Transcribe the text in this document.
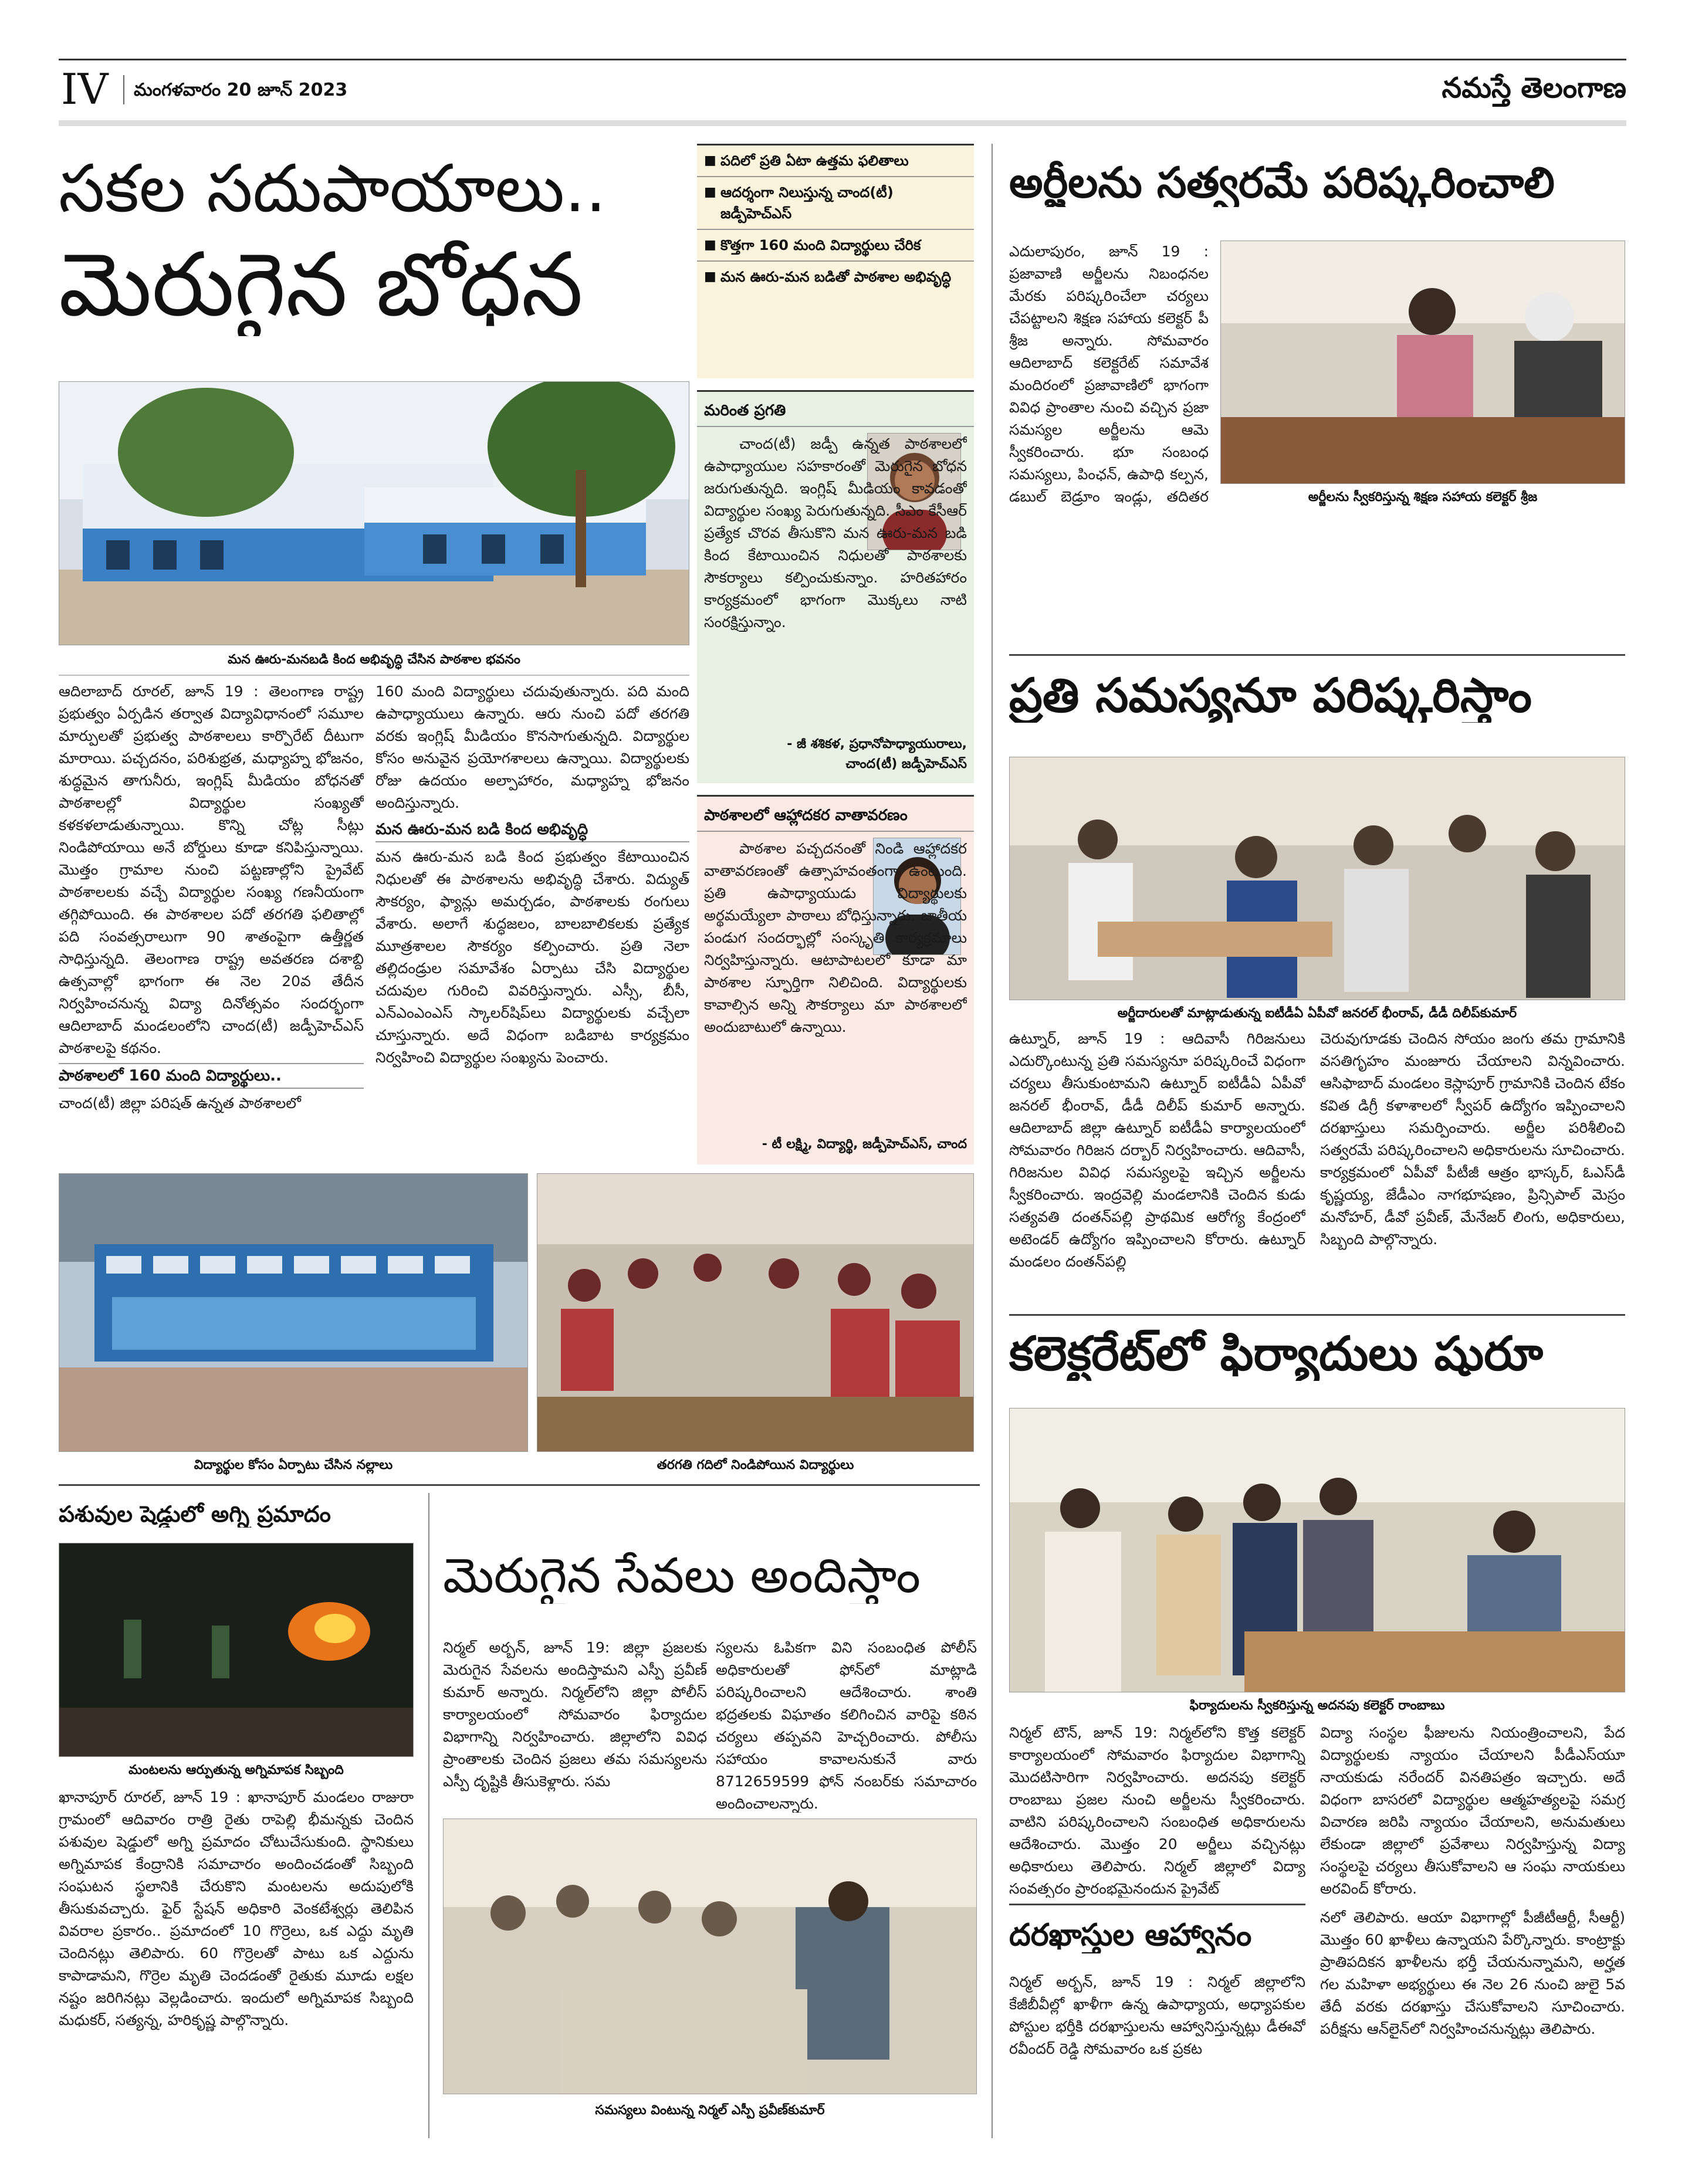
IV మంగళవారం 20 జూన్ 2023	నమస్తే తెలంగాణ
సకల సదుపాయాలు..
మెరుగైన బోధన
■ పదిలో ప్రతి ఏటా ఉత్తమ ఫలితాలు
■ ఆదర్శంగా నిలుస్తున్న చాంద(టీ) జడ్పీహెచ్ఎస్
■ కొత్తగా 160 మంది విద్యార్థులు చేరిక
■ మన ఊరు-మన బడితో పాఠశాల అభివృద్ధి
మన ఊరు-మనబడి కింద అభివృద్ధి చేసిన పాఠశాల భవనం
ఆదిలాబాద్ రూరల్, జూన్ 19 : తెలంగాణ రాష్ట్ర ప్రభుత్వం ఏర్పడిన తర్వాత విద్యావిధానంలో సమూల మార్పులతో ప్రభుత్వ పాఠశాలలు కార్పొరేట్ దీటుగా మారాయి. పచ్చదనం, పరిశుభ్రత, మధ్యాహ్న భోజనం, శుద్ధమైన తాగునీరు, ఇంగ్లిష్ మీడియం బోధనతో పాఠశాలల్లో విద్యార్థుల సంఖ్యతో కళకళలాడుతున్నాయి. కొన్ని చోట్ల సీట్లు నిండిపోయాయి అనే బోర్డులు కూడా కనిపిస్తున్నాయి. మొత్తం గ్రామాల నుంచి పట్టణాల్లోని ప్రైవేట్ పాఠశాలలకు వచ్చే విద్యార్థుల సంఖ్య గణనీయంగా తగ్గిపోయింది. ఈ పాఠశాలల పదో తరగతి ఫలితాల్లో పది సంవత్సరాలుగా 90 శాతంపైగా ఉత్తీర్ణత సాధిస్తున్నది. తెలంగాణ రాష్ట్ర అవతరణ దశాబ్ది ఉత్సవాల్లో భాగంగా ఈ నెల 20వ తేదీన నిర్వహించనున్న విద్యా దినోత్సవం సందర్భంగా ఆదిలాబాద్ మండలంలోని చాంద(టీ) జడ్పీహెచ్ఎస్ పాఠశాలపై కథనం.
పాఠశాలలో 160 మంది విద్యార్థులు..
చాంద(టీ) జిల్లా పరిషత్ ఉన్నత పాఠశాలలో
160 మంది విద్యార్థులు చదువుతున్నారు. పది మంది ఉపాధ్యాయులు ఉన్నారు. ఆరు నుంచి పదో తరగతి వరకు ఇంగ్లిష్ మీడియం కొనసాగుతున్నది. విద్యార్థుల కోసం అనువైన ప్రయోగశాలలు ఉన్నాయి. విద్యార్థులకు రోజు ఉదయం అల్పాహారం, మధ్యాహ్న భోజనం అందిస్తున్నారు.
మన ఊరు-మన బడి కింద అభివృద్ధి
మన ఊరు-మన బడి కింద ప్రభుత్వం కేటాయించిన నిధులతో ఈ పాఠశాలను అభివృద్ధి చేశారు. విద్యుత్ సౌకర్యం, ఫ్యాన్లు అమర్చడం, పాఠశాలకు రంగులు వేశారు. అలాగే శుద్ధజలం, బాలబాలికలకు ప్రత్యేక మూత్రశాలల సౌకర్యం కల్పించారు. ప్రతి నెలా తల్లిదండ్రుల సమావేశం ఏర్పాటు చేసి విద్యార్థుల చదువుల గురించి వివరిస్తున్నారు. ఎస్సీ, బీసీ, ఎన్ఎంఎంఎస్ స్కాలర్‌షిప్‌లు విద్యార్థులకు వచ్చేలా చూస్తున్నారు. అదే విధంగా బడిబాట కార్యక్రమం నిర్వహించి విద్యార్థుల సంఖ్యను పెంచారు.
మరింత ప్రగతి
చాంద(టీ) జడ్పీ ఉన్నత పాఠశాలలో ఉపాధ్యాయుల సహకారంతో మెరుగైన బోధన జరుగుతున్నది. ఇంగ్లిష్ మీడియం కావడంతో విద్యార్థుల సంఖ్య పెరుగుతున్నది. సీఎం కేసీఆర్ ప్రత్యేక చొరవ తీసుకొని మన ఊరు-మన బడి కింద కేటాయించిన నిధులతో పాఠశాలకు సౌకర్యాలు కల్పించుకున్నాం. హరితహారం కార్యక్రమంలో భాగంగా మొక్కలు నాటి సంరక్షిస్తున్నాం.
- జీ శశికళ, ప్రధానోపాధ్యాయురాలు,
చాంద(టీ) జడ్పీహెచ్ఎస్
పాఠశాలలో ఆహ్లాదకర వాతావరణం
పాఠశాల పచ్చదనంతో నిండి ఆహ్లాదకర వాతావరణంతో ఉత్సాహవంతంగా ఉంటుంది. ప్రతి ఉపాధ్యాయుడు విద్యార్థులకు అర్థమయ్యేలా పాఠాలు బోధిస్తున్నారు. జాతీయ పండుగ సందర్భాల్లో సంస్కృతి కార్యక్రమాలు నిర్వహిస్తున్నారు. ఆటాపాటలలో కూడా మా పాఠశాల స్ఫూర్తిగా నిలిచింది. విద్యార్థులకు కావాల్సిన అన్ని సౌకర్యాలు మా పాఠశాలలో అందుబాటులో ఉన్నాయి.
- టీ లక్ష్మి, విద్యార్థి, జడ్పీహెచ్ఎస్, చాంద
విద్యార్థుల కోసం ఏర్పాటు చేసిన నల్లాలు	తరగతి గదిలో నిండిపోయిన విద్యార్థులు
పశువుల షెడ్డులో అగ్ని ప్రమాదం
మంటలను ఆర్పుతున్న అగ్నిమాపక సిబ్బంది
ఖానాపూర్ రూరల్, జూన్ 19 : ఖానాపూర్ మండలం రాజురా గ్రామంలో ఆదివారం రాత్రి రైతు రాపెల్లి భీమన్నకు చెందిన పశువుల షెడ్డులో అగ్ని ప్రమాదం చోటుచేసుకుంది. స్థానికులు అగ్నిమాపక కేంద్రానికి సమాచారం అందించడంతో సిబ్బంది సంఘటన స్థలానికి చేరుకొని మంటలను అదుపులోకి తీసుకువచ్చారు. ఫైర్ స్టేషన్ అధికారి వెంకటేశ్వర్లు తెలిపిన వివరాల ప్రకారం.. ప్రమాదంలో 10 గొర్రెలు, ఒక ఎద్దు మృతి చెందినట్లు తెలిపారు. 60 గొర్రెలతో పాటు ఒక ఎద్దును కాపాడామని, గొర్రెల మృతి చెందడంతో రైతుకు మూడు లక్షల నష్టం జరిగినట్లు వెల్లడించారు. ఇందులో అగ్నిమాపక సిబ్బంది మధుకర్, సత్యన్న, హరికృష్ణ పాల్గొన్నారు.
మెరుగైన సేవలు అందిస్తాం
నిర్మల్ అర్బన్, జూన్ 19: జిల్లా ప్రజలకు మెరుగైన సేవలను అందిస్తామని ఎస్పీ ప్రవీణ్ కుమార్ అన్నారు. నిర్మల్‌లోని జిల్లా పోలీస్ కార్యాలయంలో సోమవారం ఫిర్యాదుల విభాగాన్ని నిర్వహించారు. జిల్లాలోని వివిధ ప్రాంతాలకు చెందిన ప్రజలు తమ సమస్యలను ఎస్పీ దృష్టికి తీసుకెళ్లారు. సమ
స్యలను ఓపికగా విని సంబంధిత పోలీస్ అధికారులతో ఫోన్‌లో మాట్లాడి పరిష్కరించాలని ఆదేశించారు. శాంతి భద్రతలకు విఘాతం కలిగించిన వారిపై కఠిన చర్యలు తప్పవని హెచ్చరించారు. పోలీసు సహాయం కావాలనుకునే వారు 8712659599 ఫోన్ నంబర్‌కు సమాచారం అందించాలన్నారు.
సమస్యలు వింటున్న నిర్మల్ ఎస్పీ ప్రవీణ్‌కుమార్
అర్జీలను సత్వరమే పరిష్కరించాలి
అర్జీలను స్వీకరిస్తున్న శిక్షణ సహాయ కలెక్టర్ శ్రీజ
ఎదులాపురం, జూన్ 19 : ప్రజావాణి అర్జీలను నిబంధనల మేరకు పరిష్కరించేలా చర్యలు చేపట్టాలని శిక్షణ సహాయ కలెక్టర్ పీ శ్రీజ అన్నారు. సోమవారం ఆదిలాబాద్ కలెక్టరేట్ సమావేశ మందిరంలో ప్రజావాణిలో భాగంగా వివిధ ప్రాంతాల నుంచి వచ్చిన ప్రజా సమస్యల అర్జీలను ఆమె స్వీకరించారు. భూ సంబంధ సమస్యలు, పింఛన్, ఉపాధి కల్పన, డబుల్ బెడ్రూం ఇండ్లు, తదితర
ప్రతి సమస్యనూ పరిష్కరిస్తాం
అర్జీదారులతో మాట్లాడుతున్న ఐటీడీఏ ఏపీవో జనరల్ భీంరావ్, డీడీ దిలీప్‌కుమార్
ఉట్నూర్, జూన్ 19 : ఆదివాసీ గిరిజనులు ఎదుర్కొంటున్న ప్రతి సమస్యనూ పరిష్కరించే విధంగా చర్యలు తీసుకుంటామని ఉట్నూర్ ఐటీడీఏ ఏపీవో జనరల్ భీంరావ్, డీడీ దిలీప్ కుమార్ అన్నారు. ఆదిలాబాద్ జిల్లా ఉట్నూర్ ఐటీడీఏ కార్యాలయంలో సోమవారం గిరిజన దర్బార్ నిర్వహించారు. ఆదివాసీ, గిరిజనుల వివిధ సమస్యలపై ఇచ్చిన అర్జీలను స్వీకరించారు. ఇంద్రవెల్లి మండలానికి చెందిన కుడు సత్యవతి దంతన్‌పల్లి ప్రాథమిక ఆరోగ్య కేంద్రంలో అటెండర్ ఉద్యోగం ఇప్పించాలని కోరారు. ఉట్నూర్ మండలం దంతన్‌పల్లి
చెరువుగూడకు చెందిన సోయం జంగు తమ గ్రామానికి వసతిగృహం మంజూరు చేయాలని విన్నవించారు. ఆసిఫాబాద్ మండలం కెస్లాపూర్ గ్రామానికి చెందిన టేకం కవిత డిగ్రీ కళాశాలలో స్వీపర్ ఉద్యోగం ఇప్పించాలని దరఖాస్తులు సమర్పించారు. అర్జీల పరిశీలించి సత్వరమే పరిష్కరించాలని అధికారులను సూచించారు. కార్యక్రమంలో ఏపీవో పీటీజీ ఆత్రం భాస్కర్, ఓఎస్‌డీ కృష్ణయ్య, జేడీఎం నాగభూషణం, ప్రిన్సిపాల్ మెస్రం మనోహర్, డీవో ప్రవీణ్, మేనేజర్ లింగు, అధికారులు, సిబ్బంది పాల్గొన్నారు.
కలెక్టరేట్‌లో ఫిర్యాదులు షురూ
ఫిర్యాదులను స్వీకరిస్తున్న అదనపు కలెక్టర్ రాంబాబు
నిర్మల్ టౌన్, జూన్ 19: నిర్మల్‌లోని కొత్త కలెక్టర్ కార్యాలయంలో సోమవారం ఫిర్యాదుల విభాగాన్ని మొదటిసారిగా నిర్వహించారు. అదనపు కలెక్టర్ రాంబాబు ప్రజల నుంచి అర్జీలను స్వీకరించారు. వాటిని పరిష్కరించాలని సంబంధిత అధికారులను ఆదేశించారు. మొత్తం 20 అర్జీలు వచ్చినట్లు అధికారులు తెలిపారు. నిర్మల్ జిల్లాలో విద్యా సంవత్సరం ప్రారంభమైనందున ప్రైవేట్
విద్యా సంస్థల ఫీజులను నియంత్రించాలని, పేద విద్యార్థులకు న్యాయం చేయాలని పీడీఎస్‌యూ నాయకుడు నరేందర్ వినతిపత్రం ఇచ్చారు. అదే విధంగా బాసరలో విద్యార్థుల ఆత్మహత్యలపై సమగ్ర విచారణ జరిపి న్యాయం చేయాలని, అనుమతులు లేకుండా జిల్లాలో ప్రవేశాలు నిర్వహిస్తున్న విద్యా సంస్థలపై చర్యలు తీసుకోవాలని ఆ సంఘ నాయకులు అరవింద్ కోరారు.
దరఖాస్తుల ఆహ్వానం
నిర్మల్ అర్బన్, జూన్ 19 : నిర్మల్ జిల్లాలోని కేజీబీవీల్లో ఖాళీగా ఉన్న ఉపాధ్యాయ, అధ్యాపకుల పోస్టుల భర్తీకి దరఖాస్తులను ఆహ్వానిస్తున్నట్లు డీఈవో రవీందర్ రెడ్డి సోమవారం ఒక ప్రకట
నలో తెలిపారు. ఆయా విభాగాల్లో పీజీటీఆర్టీ, సీఆర్టీ) మొత్తం 60 ఖాళీలు ఉన్నాయని పేర్కొన్నారు. కాంట్రాక్టు ప్రాతిపదికన ఖాళీలను భర్తీ చేయనున్నామని, అర్హత గల మహిళా అభ్యర్థులు ఈ నెల 26 నుంచి జులై 5వ తేదీ వరకు దరఖాస్తు చేసుకోవాలని సూచించారు. పరీక్షను ఆన్‌లైన్‌లో నిర్వహించనున్నట్లు తెలిపారు.
